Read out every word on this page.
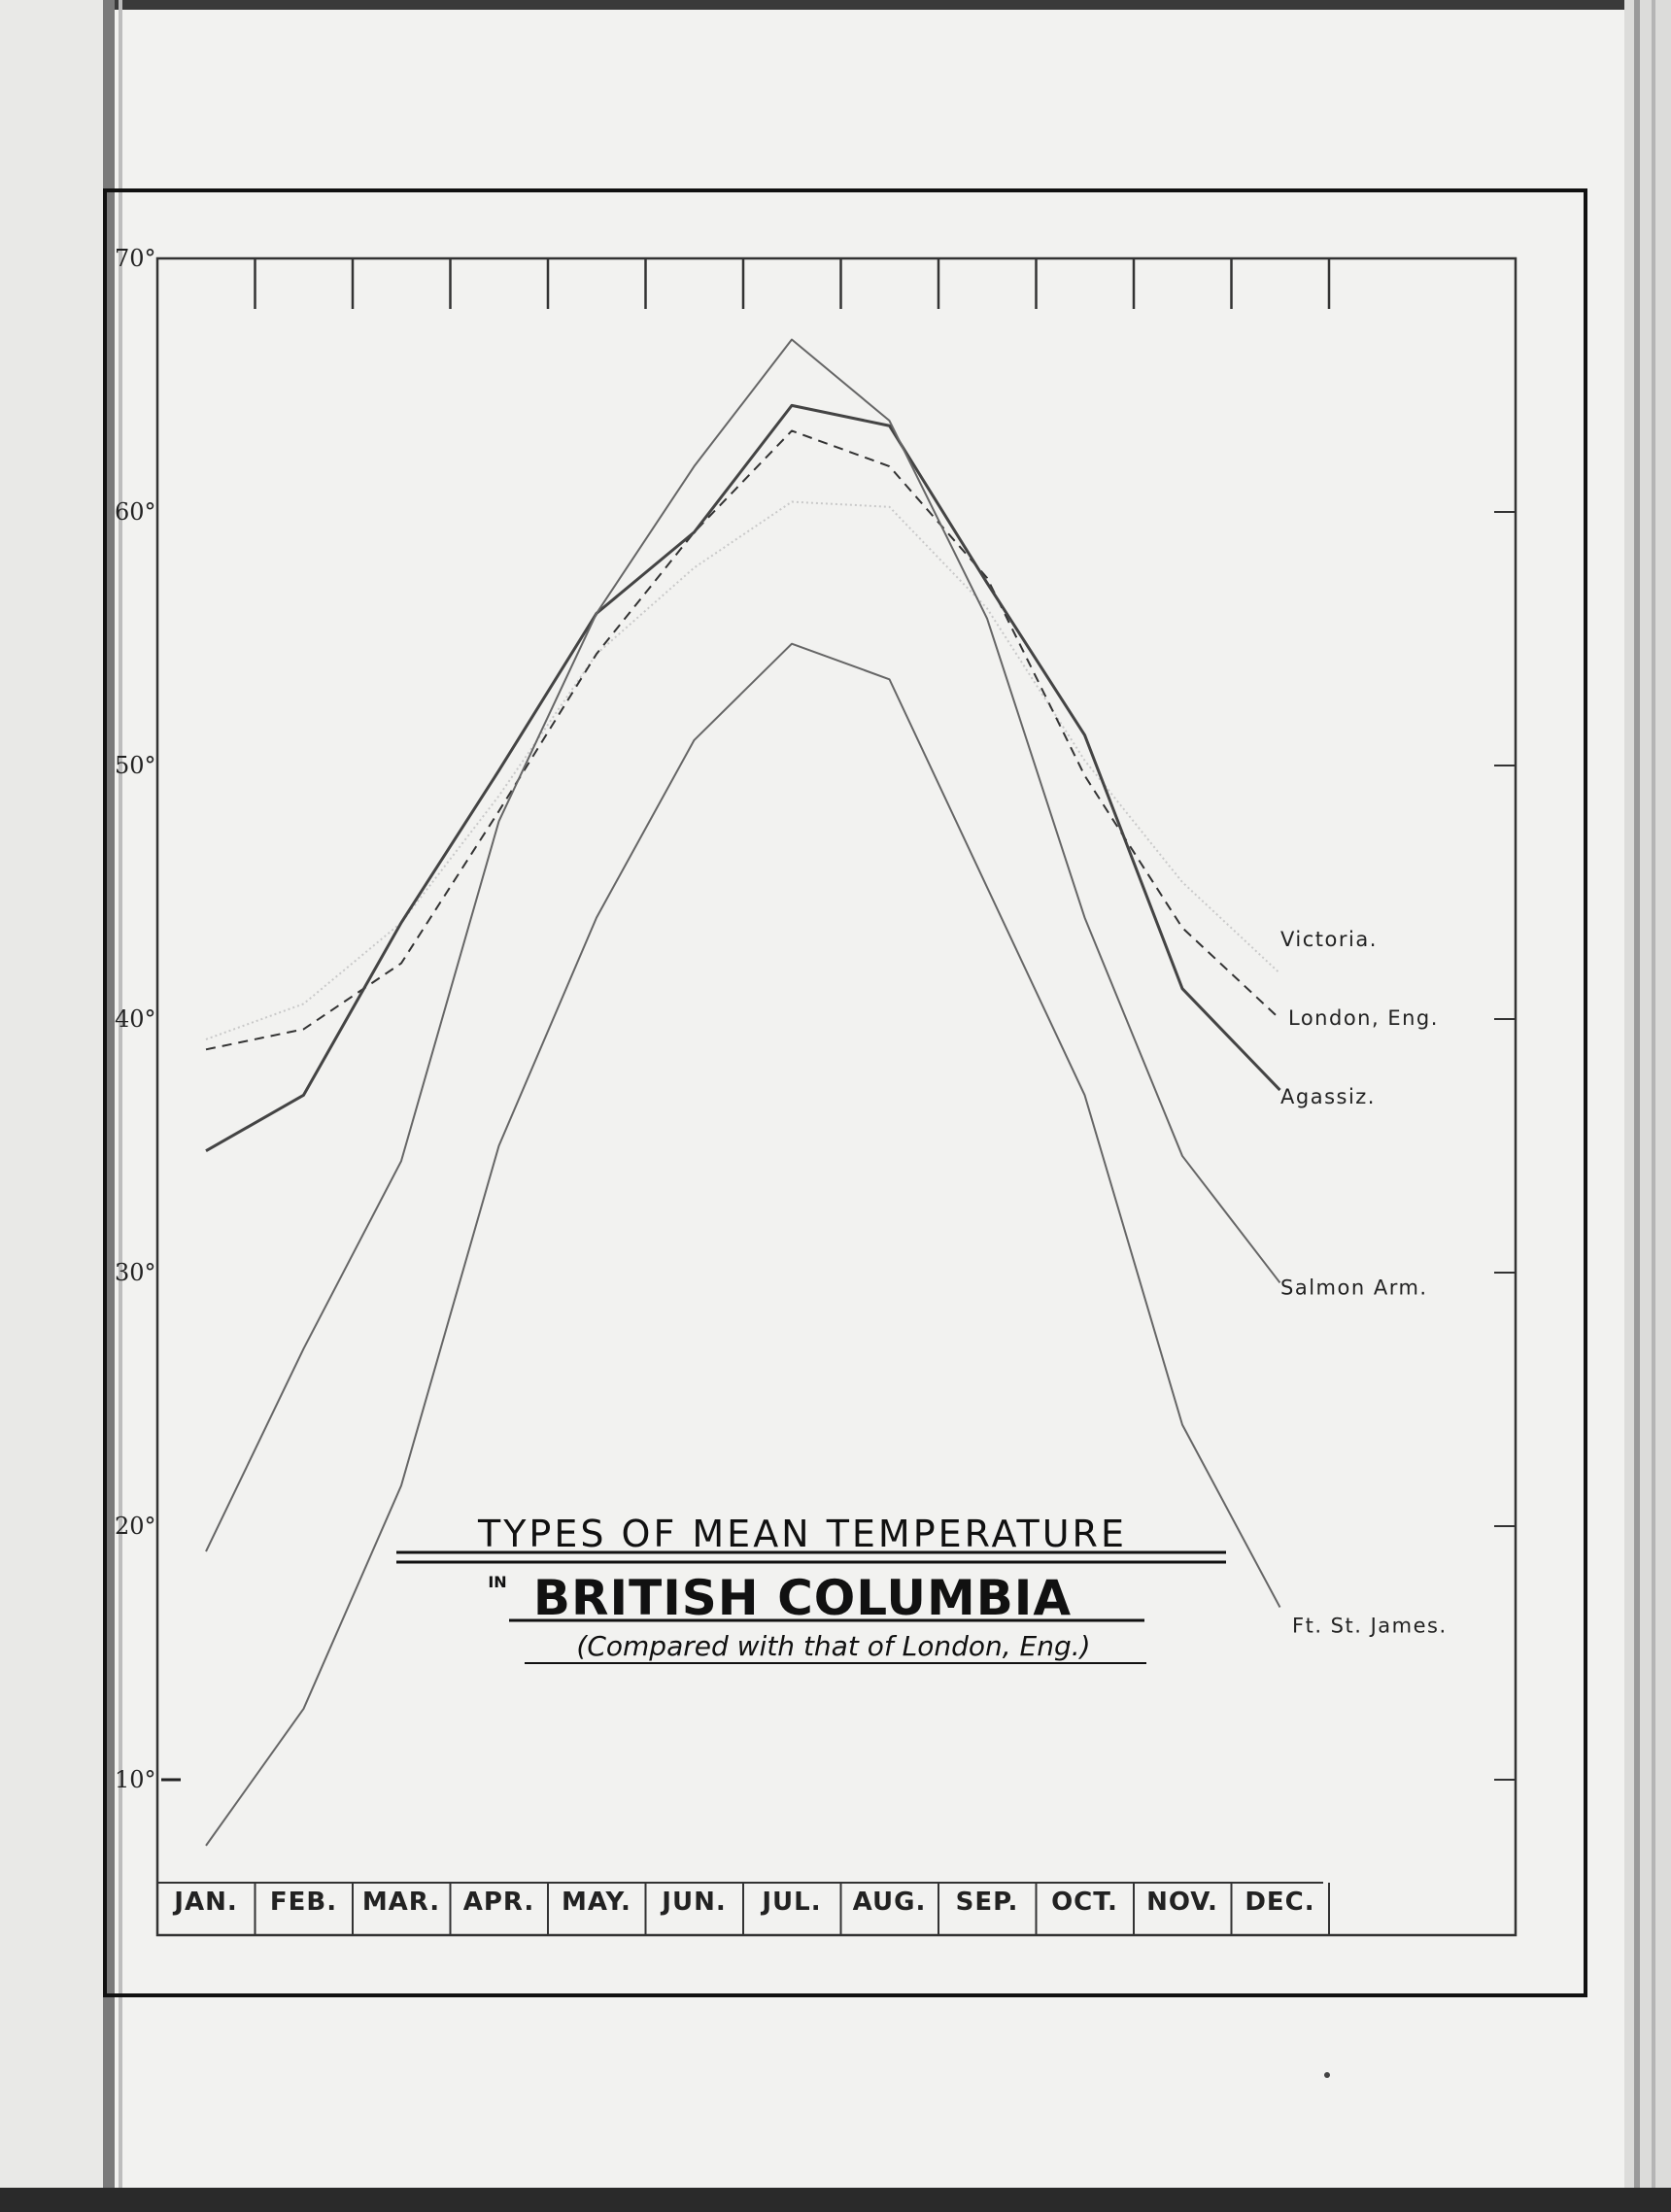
JAN. FEB. MAR. APR. MAY. JUN. JUL. AUG. SEP. OCT. NOV. DEC.
70°
60°
50°
40°
30°
20°
10°
Victoria.
London, Eng.
Agassiz.
Salmon Arm.
Ft. St. James.
TYPES OF MEAN TEMPERATURE
IN BRITISH COLUMBIA
(Compared with that of London, Eng.)
